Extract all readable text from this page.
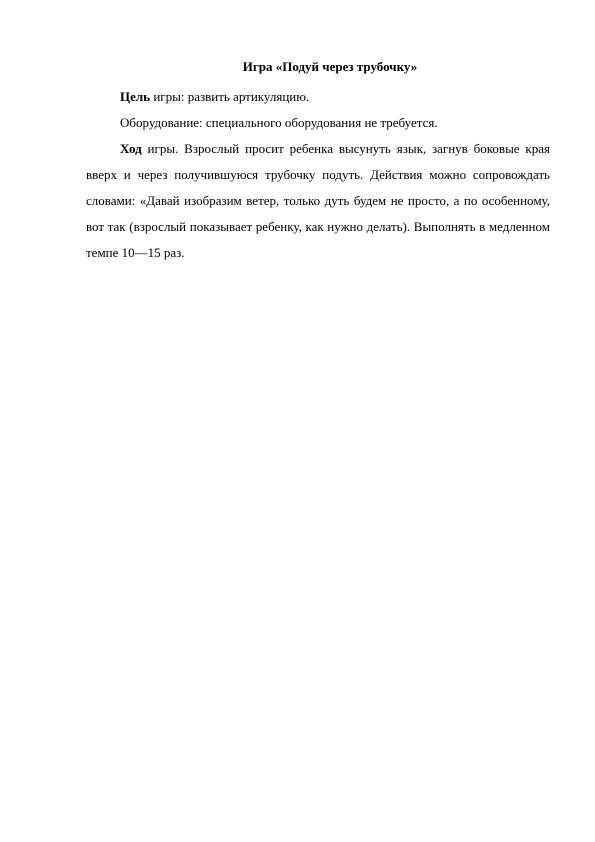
Игра «Подуй через трубочку»

Цель игры: развить артикуляцию.

Оборудование: специального оборудования не требуется.

Ход игры. Взрослый просит ребенка высунуть язык, загнув боковые края вверх и через получившуюся трубочку подуть. Действия можно сопровождать словами: «Давай изобразим ветер, только дуть будем не просто, а по особенному, вот так (взрослый показывает ребенку, как нужно делать). Выполнять в медленном темпе 10—15 раз.
